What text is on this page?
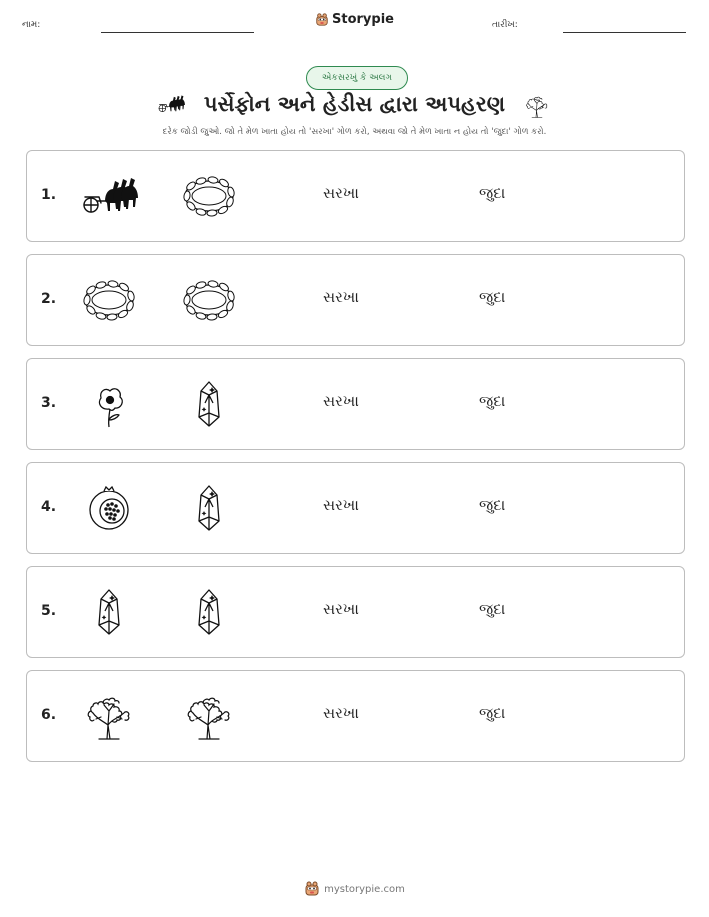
નામ:	Storypie	તારીખ:
એકસરખું કે અલગ
પર્સેફોન અને હેડીસ દ્વારા અપહરણ
દરેક જોડી જુઓ. જો તે મેળ ખાતા હોય તો 'સરખા' ગોળ કરો, અથવા જો તે મેળ ખાતા ન હોય તો 'જુદા' ગોળ કરો.
1.	સરખા	જુદા
2.	સરખા	જુદા
3.	સરખા	જુદા
4.	સરખા	જુદા
5.	સરખા	જુદા
6.	સરખા	જુદા
mystorypie.com
